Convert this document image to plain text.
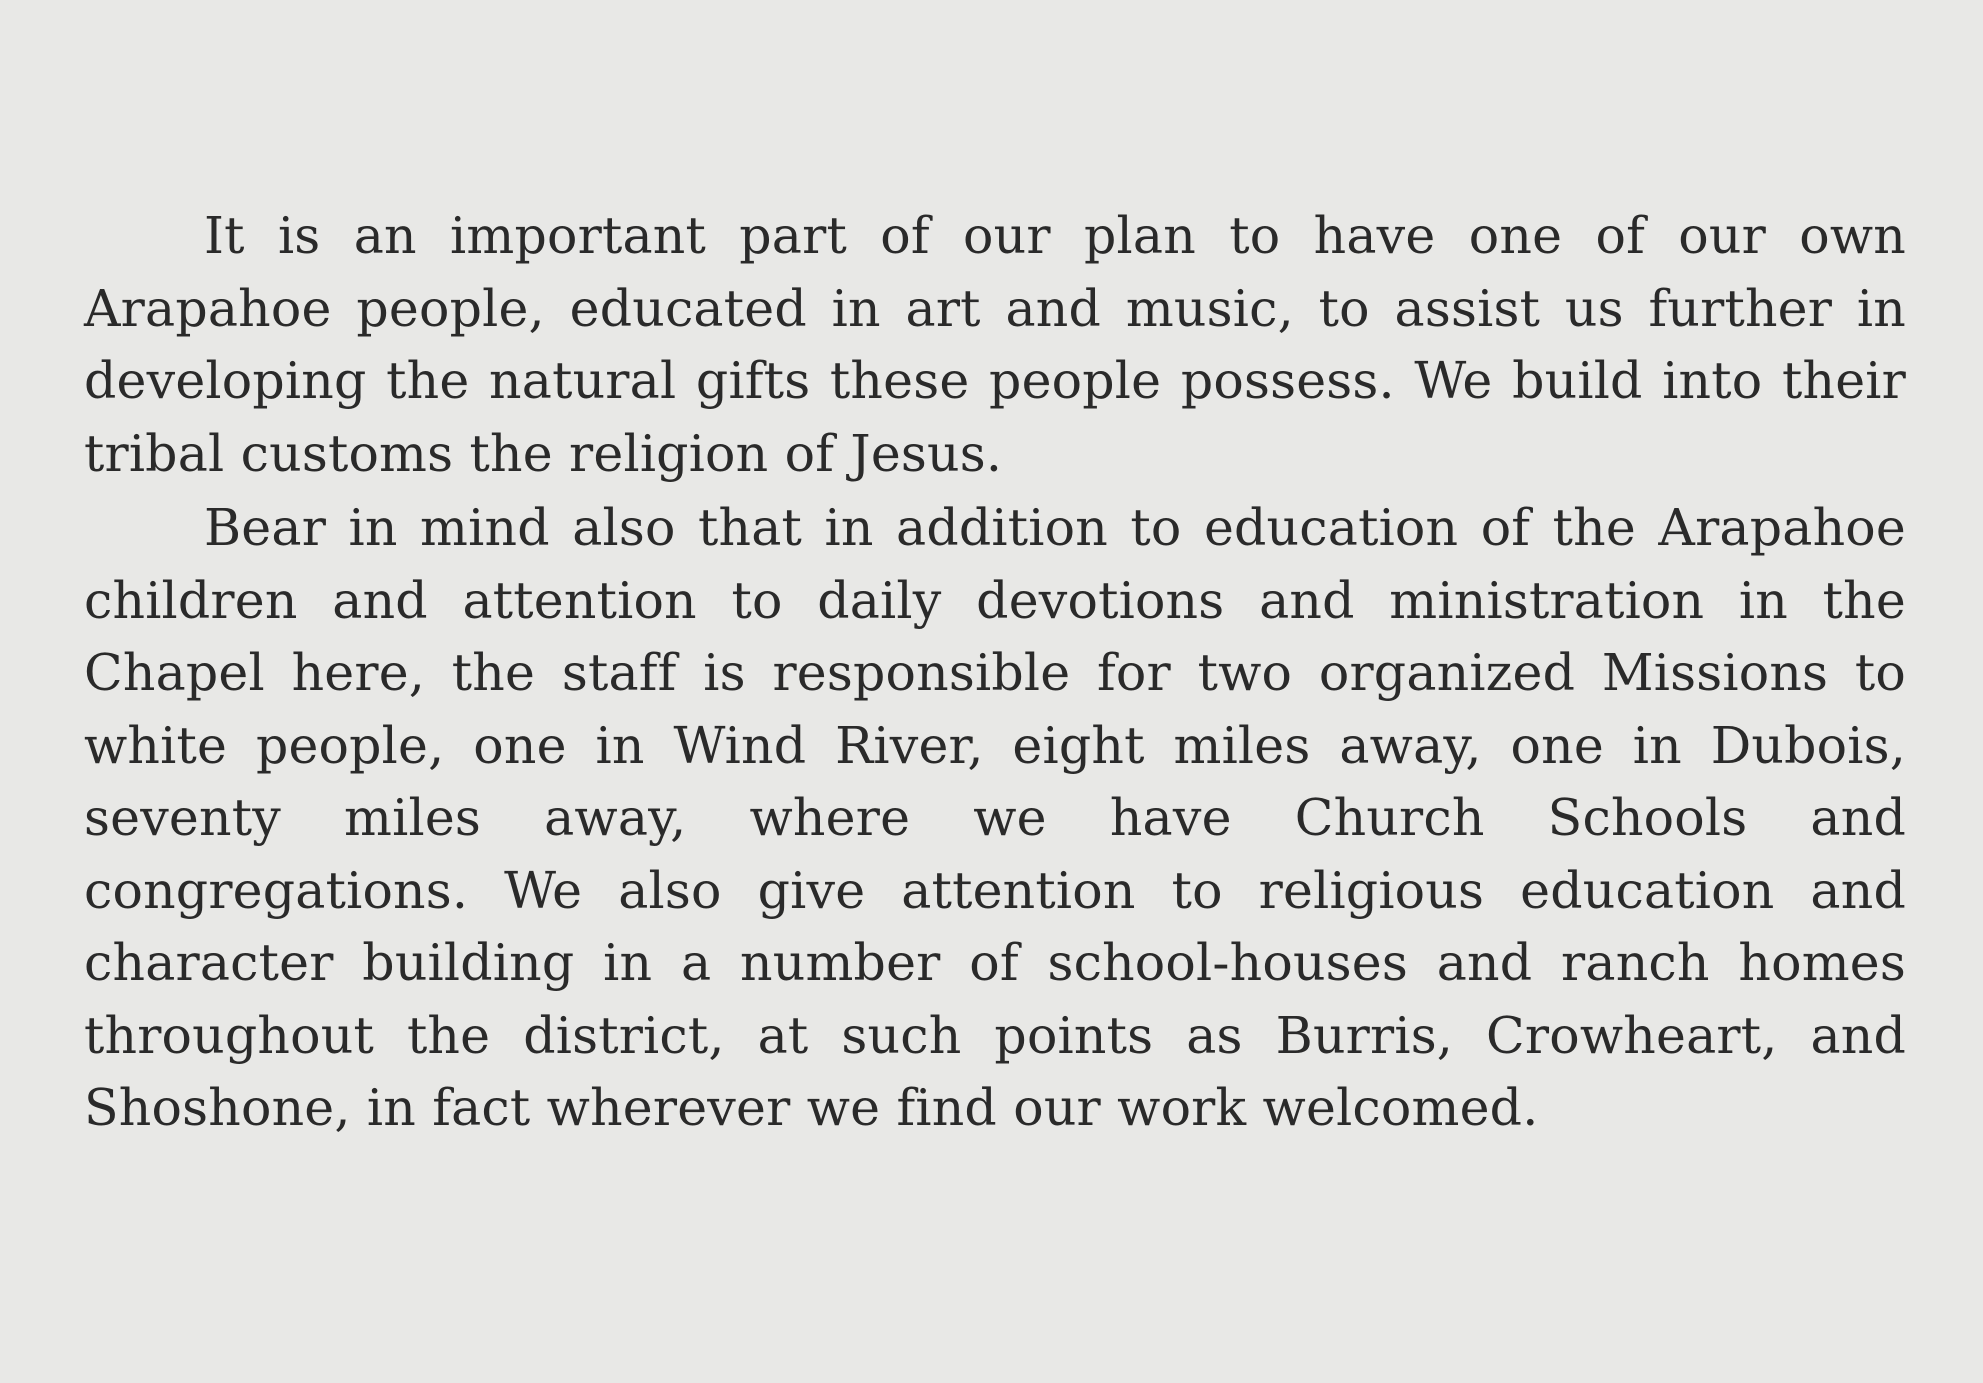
It is an important part of our plan to have one of our own Arapahoe people, educated in art and music, to assist us further in developing the natural gifts these people possess. We build into their tribal customs the religion of Jesus.

Bear in mind also that in addition to education of the Arapahoe children and attention to daily devotions and ministration in the Chapel here, the staff is responsible for two organized Missions to white people, one in Wind River, eight miles away, one in Dubois, seventy miles away, where we have Church Schools and congregations. We also give attention to religious education and character building in a number of school-houses and ranch homes throughout the district, at such points as Burris, Crowheart, and Shoshone, in fact wherever we find our work welcomed.
